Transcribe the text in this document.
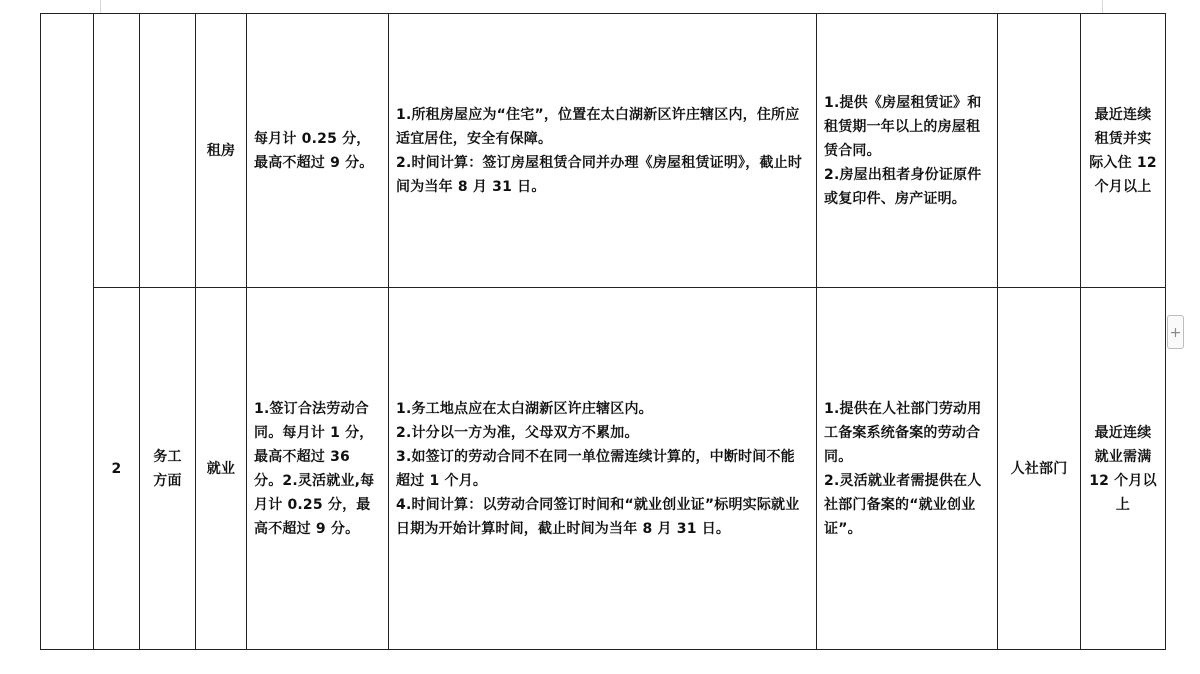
			租房	每月计 0.25 分，最高不超过 9 分。	1.所租房屋应为“住宅”，位置在太白湖新区许庄辖区内，住所应适宜居住，安全有保障。
2.时间计算：签订房屋租赁合同并办理《房屋租赁证明》，截止时间为当年 8 月 31 日。	1.提供《房屋租赁证》和租赁期一年以上的房屋租赁合同。
2.房屋出租者身份证原件或复印件、房产证明。		最近连续租赁并实际入住 12 个月以上
	2	务工方面	就业	1.签订合法劳动合同。每月计 1 分，最高不超过 36 分。2.灵活就业,每月计 0.25 分，最高不超过 9 分。	1.务工地点应在太白湖新区许庄辖区内。
2.计分以一方为准，父母双方不累加。
3.如签订的劳动合同不在同一单位需连续计算的，中断时间不能超过 1 个月。
4.时间计算：以劳动合同签订时间和“就业创业证”标明实际就业日期为开始计算时间，截止时间为当年 8 月 31 日。	1.提供在人社部门劳动用工备案系统备案的劳动合同。
2.灵活就业者需提供在人社部门备案的“就业创业证”。	人社部门	最近连续就业需满 12 个月以上
+
